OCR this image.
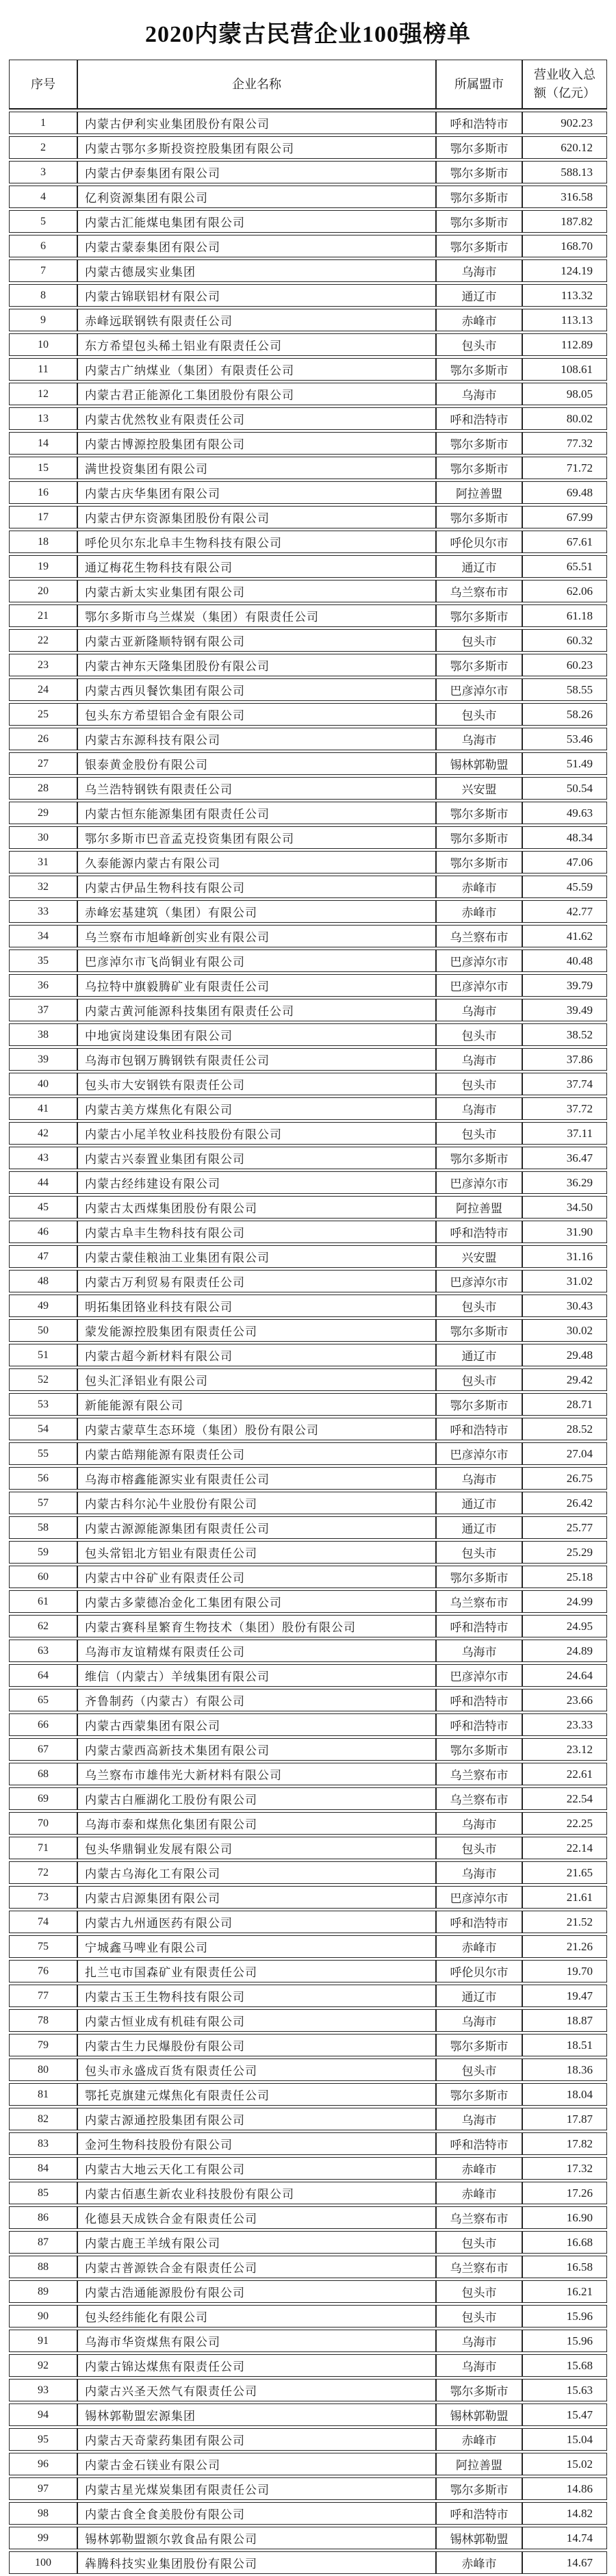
2020内蒙古民营企业100强榜单
序号	企业名称	所属盟市	营业收入总额（亿元）
1	内蒙古伊利实业集团股份有限公司	呼和浩特市	902.23
2	内蒙古鄂尔多斯投资控股集团有限公司	鄂尔多斯市	620.12
3	内蒙古伊泰集团有限公司	鄂尔多斯市	588.13
4	亿利资源集团有限公司	鄂尔多斯市	316.58
5	内蒙古汇能煤电集团有限公司	鄂尔多斯市	187.82
6	内蒙古蒙泰集团有限公司	鄂尔多斯市	168.70
7	内蒙古德晟实业集团	乌海市	124.19
8	内蒙古锦联铝材有限公司	通辽市	113.32
9	赤峰远联钢铁有限责任公司	赤峰市	113.13
10	东方希望包头稀土铝业有限责任公司	包头市	112.89
11	内蒙古广纳煤业（集团）有限责任公司	鄂尔多斯市	108.61
12	内蒙古君正能源化工集团股份有限公司	乌海市	98.05
13	内蒙古优然牧业有限责任公司	呼和浩特市	80.02
14	内蒙古博源控股集团有限公司	鄂尔多斯市	77.32
15	满世投资集团有限公司	鄂尔多斯市	71.72
16	内蒙古庆华集团有限公司	阿拉善盟	69.48
17	内蒙古伊东资源集团股份有限公司	鄂尔多斯市	67.99
18	呼伦贝尔东北阜丰生物科技有限公司	呼伦贝尔市	67.61
19	通辽梅花生物科技有限公司	通辽市	65.51
20	内蒙古新太实业集团有限公司	乌兰察布市	62.06
21	鄂尔多斯市乌兰煤炭（集团）有限责任公司	鄂尔多斯市	61.18
22	内蒙古亚新隆顺特钢有限公司	包头市	60.32
23	内蒙古神东天隆集团股份有限公司	鄂尔多斯市	60.23
24	内蒙古西贝餐饮集团有限公司	巴彦淖尔市	58.55
25	包头东方希望铝合金有限公司	包头市	58.26
26	内蒙古东源科技有限公司	乌海市	53.46
27	银泰黄金股份有限公司	锡林郭勒盟	51.49
28	乌兰浩特钢铁有限责任公司	兴安盟	50.54
29	内蒙古恒东能源集团有限责任公司	鄂尔多斯市	49.63
30	鄂尔多斯市巴音孟克投资集团有限公司	鄂尔多斯市	48.34
31	久泰能源内蒙古有限公司	鄂尔多斯市	47.06
32	内蒙古伊品生物科技有限公司	赤峰市	45.59
33	赤峰宏基建筑（集团）有限公司	赤峰市	42.77
34	乌兰察布市旭峰新创实业有限公司	乌兰察布市	41.62
35	巴彦淖尔市飞尚铜业有限公司	巴彦淖尔市	40.48
36	乌拉特中旗毅腾矿业有限责任公司	巴彦淖尔市	39.79
37	内蒙古黄河能源科技集团有限责任公司	乌海市	39.49
38	中地寅岗建设集团有限公司	包头市	38.52
39	乌海市包钢万腾钢铁有限责任公司	乌海市	37.86
40	包头市大安钢铁有限责任公司	包头市	37.74
41	内蒙古美方煤焦化有限公司	乌海市	37.72
42	内蒙古小尾羊牧业科技股份有限公司	包头市	37.11
43	内蒙古兴泰置业集团有限公司	鄂尔多斯市	36.47
44	内蒙古经纬建设有限公司	巴彦淖尔市	36.29
45	内蒙古太西煤集团股份有限公司	阿拉善盟	34.50
46	内蒙古阜丰生物科技有限公司	呼和浩特市	31.90
47	内蒙古蒙佳粮油工业集团有限公司	兴安盟	31.16
48	内蒙古万利贸易有限责任公司	巴彦淖尔市	31.02
49	明拓集团铬业科技有限公司	包头市	30.43
50	蒙发能源控股集团有限责任公司	鄂尔多斯市	30.02
51	内蒙古超今新材料有限公司	通辽市	29.48
52	包头汇泽铝业有限公司	包头市	29.42
53	新能能源有限公司	鄂尔多斯市	28.71
54	内蒙古蒙草生态环境（集团）股份有限公司	呼和浩特市	28.52
55	内蒙古皓翔能源有限责任公司	巴彦淖尔市	27.04
56	乌海市榕鑫能源实业有限责任公司	乌海市	26.75
57	内蒙古科尔沁牛业股份有限公司	通辽市	26.42
58	内蒙古源源能源集团有限责任公司	通辽市	25.77
59	包头常铝北方铝业有限责任公司	包头市	25.29
60	内蒙古中谷矿业有限责任公司	鄂尔多斯市	25.18
61	内蒙古多蒙德冶金化工集团有限公司	乌兰察布市	24.99
62	内蒙古赛科星繁育生物技术（集团）股份有限公司	呼和浩特市	24.95
63	乌海市友谊精煤有限责任公司	乌海市	24.89
64	维信（内蒙古）羊绒集团有限公司	巴彦淖尔市	24.64
65	齐鲁制药（内蒙古）有限公司	呼和浩特市	23.66
66	内蒙古西蒙集团有限公司	呼和浩特市	23.33
67	内蒙古蒙西高新技术集团有限公司	鄂尔多斯市	23.12
68	乌兰察布市雄伟光大新材料有限公司	乌兰察布市	22.61
69	内蒙古白雁湖化工股份有限公司	乌兰察布市	22.54
70	乌海市泰和煤焦化集团有限公司	乌海市	22.25
71	包头华鼎铜业发展有限公司	包头市	22.14
72	内蒙古乌海化工有限公司	乌海市	21.65
73	内蒙古启源集团有限公司	巴彦淖尔市	21.61
74	内蒙古九州通医药有限公司	呼和浩特市	21.52
75	宁城鑫马啤业有限公司	赤峰市	21.26
76	扎兰屯市国森矿业有限责任公司	呼伦贝尔市	19.70
77	内蒙古玉王生物科技有限公司	通辽市	19.47
78	内蒙古恒业成有机硅有限公司	乌海市	18.87
79	内蒙古生力民爆股份有限公司	鄂尔多斯市	18.51
80	包头市永盛成百货有限责任公司	包头市	18.36
81	鄂托克旗建元煤焦化有限责任公司	鄂尔多斯市	18.04
82	内蒙古源通控股集团有限公司	乌海市	17.87
83	金河生物科技股份有限公司	呼和浩特市	17.82
84	内蒙古大地云天化工有限公司	赤峰市	17.32
85	内蒙古佰惠生新农业科技股份有限公司	赤峰市	17.26
86	化德县天成铁合金有限责任公司	乌兰察布市	16.90
87	内蒙古鹿王羊绒有限公司	包头市	16.68
88	内蒙古普源铁合金有限责任公司	乌兰察布市	16.58
89	内蒙古浩通能源股份有限公司	包头市	16.21
90	包头经纬能化有限公司	包头市	15.96
91	乌海市华资煤焦有限公司	乌海市	15.96
92	内蒙古锦达煤焦有限责任公司	乌海市	15.68
93	内蒙古兴圣天然气有限责任公司	鄂尔多斯市	15.63
94	锡林郭勒盟宏源集团	锡林郭勒盟	15.47
95	内蒙古天奇蒙药集团有限公司	赤峰市	15.04
96	内蒙古金石镁业有限公司	阿拉善盟	15.02
97	内蒙古星光煤炭集团有限责任公司	鄂尔多斯市	14.86
98	内蒙古食全食美股份有限公司	呼和浩特市	14.82
99	锡林郭勒盟额尔敦食品有限公司	锡林郭勒盟	14.74
100	犇腾科技实业集团股份有限公司	赤峰市	14.67
